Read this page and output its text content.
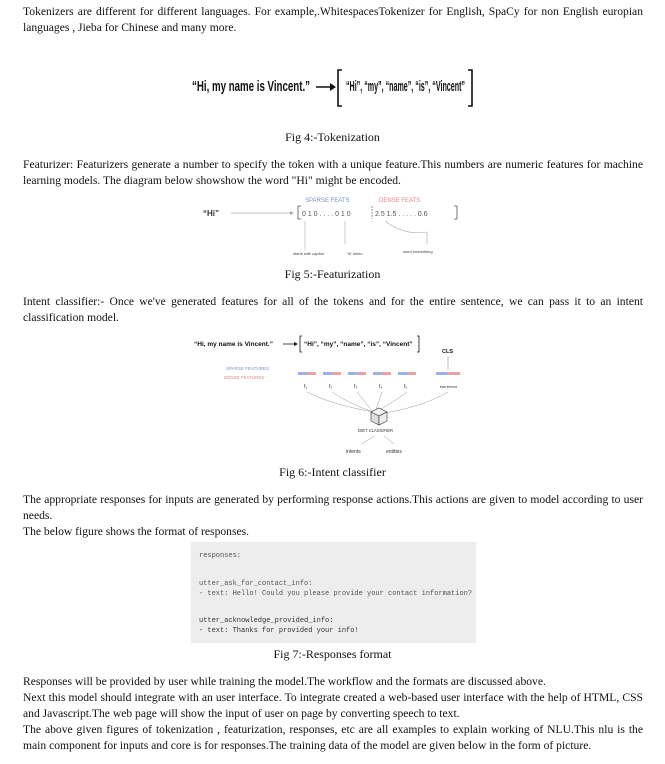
Tokenizers are different for different languages. For example,.WhitespacesTokenizer for English, SpaCy for non English europian languages , Jieba for Chinese and many more.

“Hi, my name is Vincent.” “Hi”, “my”, “name”, “is”, “Vincent”

Fig 4:-Tokenization

Featurizer: Featurizers generate a number to specify the token with a unique feature.This numbers are numeric features for machine learning models. The diagram below showshow the word "Hi" might be encoded.

SPARSE FEATS	DENSE FEATS
“Hi”	0 1 0 . . . . 0 1 0	2.5 1.5 . . . . . 0.6
starts with capital	'hi' token	word embedding

Fig 5:-Featurization

Intent classifier:- Once we've generated features for all of the tokens and for the entire sentence, we can pass it to an intent classification model.

“Hi, my name is Vincent.”	“Hi”, “my”, “name”, “is”, “Vincent”
CLS
SPARSE FEATURES
DENSE FEATURES
f₁	f₂	f₃	f₄	f₅	fsentence
DIET CLASSIFIER
intents	entities

Fig 6:-Intent classifier

The appropriate responses for inputs are generated by performing response actions.This actions are given to model according to user needs.

The below figure shows the format of responses.

responses:
utter_ask_for_contact_info:
- text: Hello! Could you please provide your contact information?
utter_acknowledge_provided_info:
- text: Thanks for provided your info!

Fig 7:-Responses format

Responses will be provided by user while training the model.The workflow and the formats are discussed above.

Next this model should integrate with an user interface. To integrate created a web-based user interface with the help of HTML, CSS and Javascript.The web page will show the input of user on page by converting speech to text.

The above given figures of tokenization , featurization, responses, etc are all examples to explain working of NLU.This nlu is the main component for inputs and core is for responses.The training data of the model are given below in the form of picture.
